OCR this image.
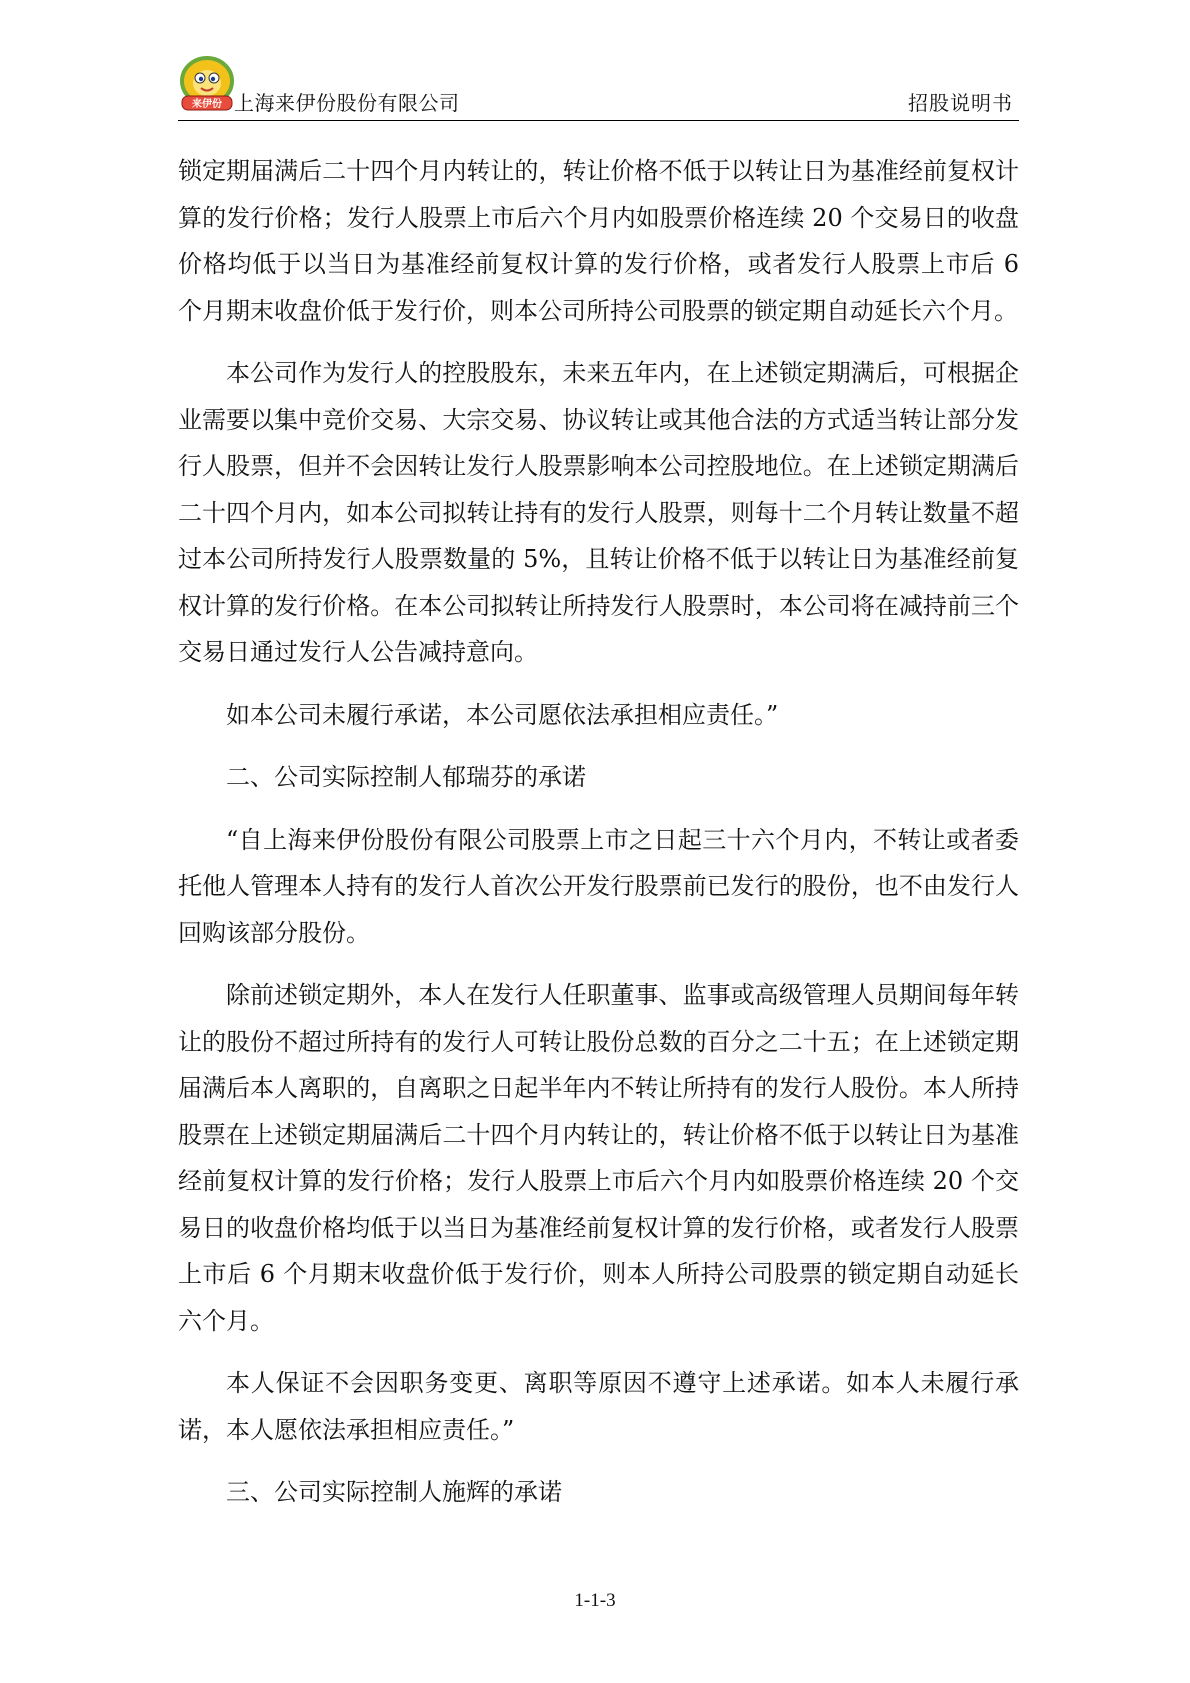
来伊份 上海来伊份股份有限公司	招股说明书

锁定期届满后二十四个月内转让的，转让价格不低于以转让日为基准经前复权计算的发行价格；发行人股票上市后六个月内如股票价格连续 20 个交易日的收盘价格均低于以当日为基准经前复权计算的发行价格，或者发行人股票上市后 6 个月期末收盘价低于发行价，则本公司所持公司股票的锁定期自动延长六个月。

本公司作为发行人的控股股东，未来五年内，在上述锁定期满后，可根据企业需要以集中竞价交易、大宗交易、协议转让或其他合法的方式适当转让部分发行人股票，但并不会因转让发行人股票影响本公司控股地位。在上述锁定期满后二十四个月内，如本公司拟转让持有的发行人股票，则每十二个月转让数量不超过本公司所持发行人股票数量的 5%，且转让价格不低于以转让日为基准经前复权计算的发行价格。在本公司拟转让所持发行人股票时，本公司将在减持前三个交易日通过发行人公告减持意向。

如本公司未履行承诺，本公司愿依法承担相应责任。”

二、公司实际控制人郁瑞芬的承诺

“自上海来伊份股份有限公司股票上市之日起三十六个月内，不转让或者委托他人管理本人持有的发行人首次公开发行股票前已发行的股份，也不由发行人回购该部分股份。

除前述锁定期外，本人在发行人任职董事、监事或高级管理人员期间每年转让的股份不超过所持有的发行人可转让股份总数的百分之二十五；在上述锁定期届满后本人离职的，自离职之日起半年内不转让所持有的发行人股份。本人所持股票在上述锁定期届满后二十四个月内转让的，转让价格不低于以转让日为基准经前复权计算的发行价格；发行人股票上市后六个月内如股票价格连续 20 个交易日的收盘价格均低于以当日为基准经前复权计算的发行价格，或者发行人股票上市后 6 个月期末收盘价低于发行价，则本人所持公司股票的锁定期自动延长六个月。

本人保证不会因职务变更、离职等原因不遵守上述承诺。如本人未履行承诺，本人愿依法承担相应责任。”

三、公司实际控制人施辉的承诺

1-1-3
